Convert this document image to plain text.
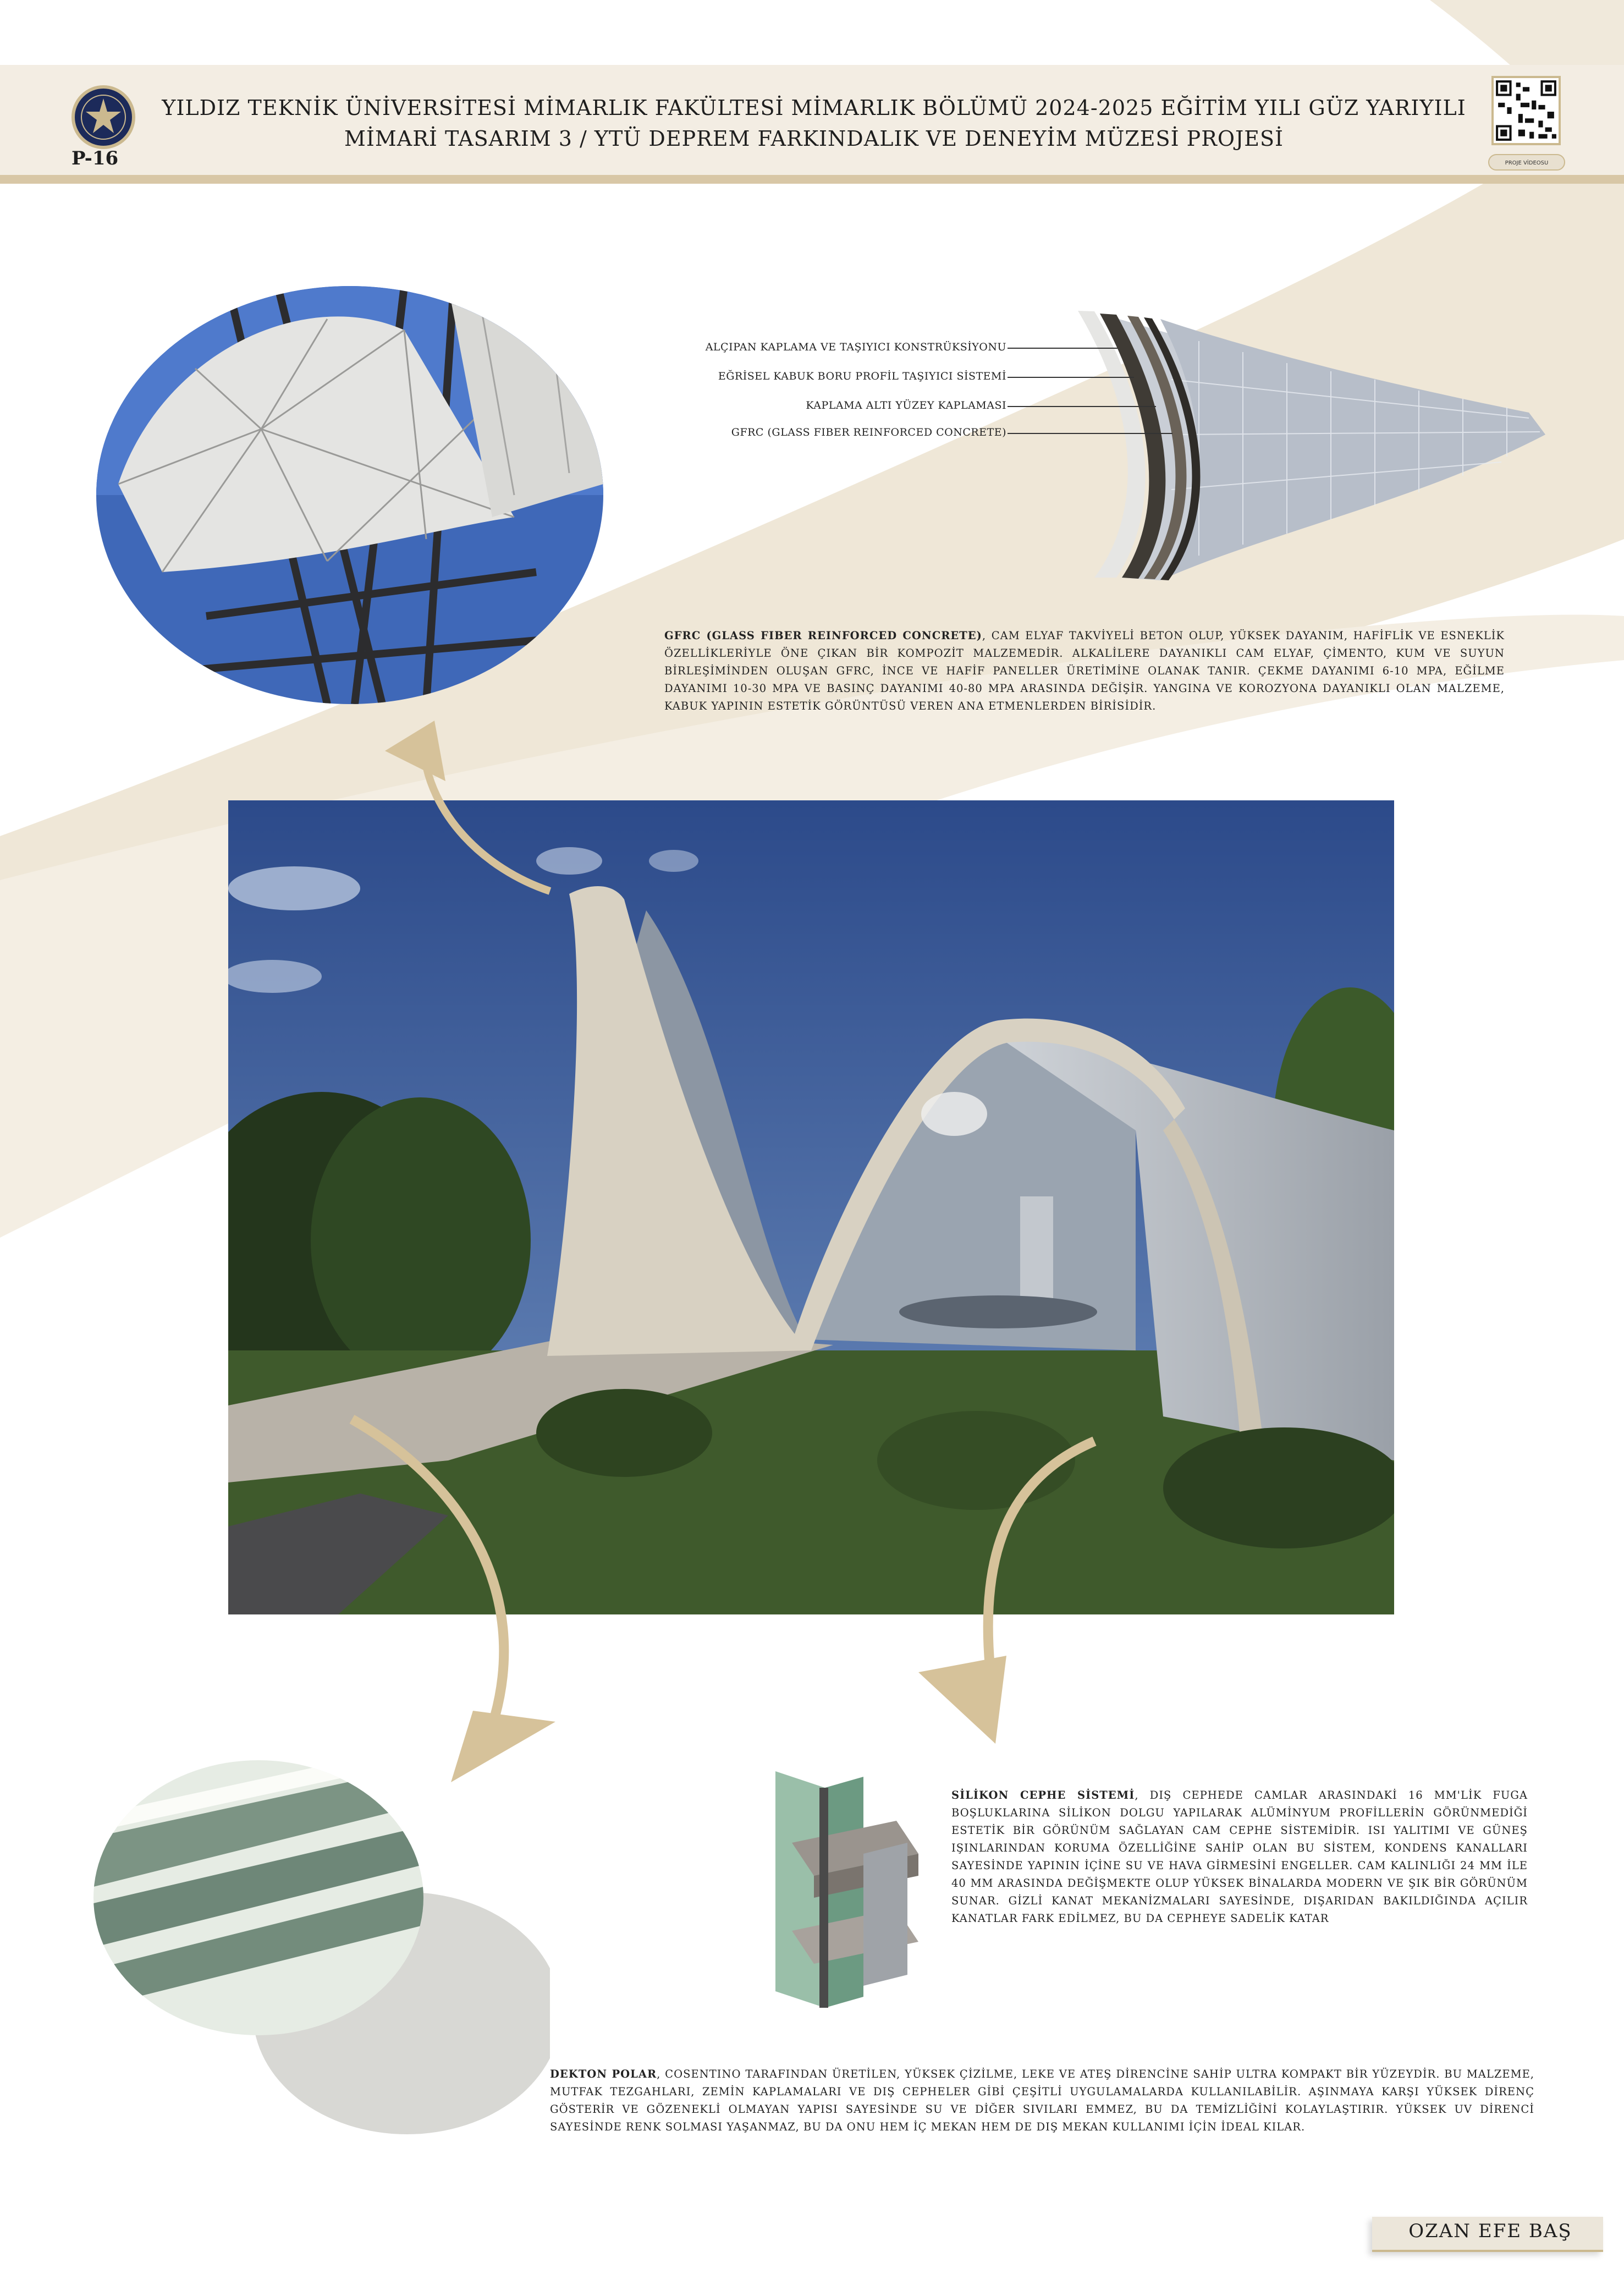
P-16
YILDIZ TEKNİK ÜNİVERSİTESİ MİMARLIK FAKÜLTESİ MİMARLIK BÖLÜMÜ 2024-2025 EĞİTİM YILI GÜZ YARIYILI
MİMARİ TASARIM 3 / YTÜ DEPREM FARKINDALIK VE DENEYİM MÜZESİ PROJESİ
PROJE VİDEOSU
ALÇIPAN KAPLAMA VE TAŞIYICI KONSTRÜKSİYONU
EĞRİSEL KABUK BORU PROFİL TAŞIYICI SİSTEMİ
KAPLAMA ALTI YÜZEY KAPLAMASI
GFRC (GLASS FIBER REINFORCED CONCRETE)
GFRC (GLASS FIBER REINFORCED CONCRETE), CAM ELYAF TAKVİYELİ BETON OLUP, YÜKSEK DAYANIM, HAFİFLİK VE ESNEKLİK ÖZELLİKLERİYLE ÖNE ÇIKAN BİR KOMPOZİT MALZEMEDİR. ALKALİLERE DAYANIKLI CAM ELYAF, ÇİMENTO, KUM VE SUYUN BİRLEŞİMİNDEN OLUŞAN GFRC, İNCE VE HAFİF PANELLER ÜRETİMİNE OLANAK TANIR. ÇEKME DAYANIMI 6-10 MPA, EĞİLME DAYANIMI 10-30 MPA VE BASINÇ DAYANIMI 40-80 MPA ARASINDA DEĞİŞİR. YANGINA VE KOROZYONA DAYANIKLI OLAN MALZEME, KABUK YAPININ ESTETİK GÖRÜNTÜSÜ VEREN ANA ETMENLERDEN BİRİSİDİR.
SİLİKON CEPHE SİSTEMİ, DIŞ CEPHEDE CAMLAR ARASINDAKİ 16 MM'LİK FUGA BOŞLUKLARINA SİLİKON DOLGU YAPILARAK ALÜMİNYUM PROFİLLERİN GÖRÜNMEDİĞİ ESTETİK BİR GÖRÜNÜM SAĞLAYAN CAM CEPHE SİSTEMİDİR. ISI YALITIMI VE GÜNEŞ IŞINLARINDAN KORUMA ÖZELLİĞİNE SAHİP OLAN BU SİSTEM, KONDENS KANALLARI SAYESİNDE YAPININ İÇİNE SU VE HAVA GİRMESİNİ ENGELLER. CAM KALINLIĞI 24 MM İLE 40 MM ARASINDA DEĞİŞMEKTE OLUP YÜKSEK BİNALARDA MODERN VE ŞIK BİR GÖRÜNÜM SUNAR. GİZLİ KANAT MEKANİZMALARI SAYESİNDE, DIŞARIDAN BAKILDIĞINDA AÇILIR KANATLAR FARK EDİLMEZ, BU DA CEPHEYE SADELİK KATAR
DEKTON POLAR, COSENTINO TARAFINDAN ÜRETİLEN, YÜKSEK ÇİZİLME, LEKE VE ATEŞ DİRENCİNE SAHİP ULTRA KOMPAKT BİR YÜZEYDİR. BU MALZEME, MUTFAK TEZGAHLARI, ZEMİN KAPLAMALARI VE DIŞ CEPHELER GİBİ ÇEŞİTLİ UYGULAMALARDA KULLANILABİLİR. AŞINMAYA KARŞI YÜKSEK DİRENÇ GÖSTERİR VE GÖZENEKLİ OLMAYAN YAPISI SAYESİNDE SU VE DİĞER SIVILARI EMMEZ, BU DA TEMİZLİĞİNİ KOLAYLAŞTIRIR. YÜKSEK UV DİRENCİ SAYESİNDE RENK SOLMASI YAŞANMAZ, BU DA ONU HEM İÇ MEKAN HEM DE DIŞ MEKAN KULLANIMI İÇİN İDEAL KILAR.
OZAN EFE BAŞ
